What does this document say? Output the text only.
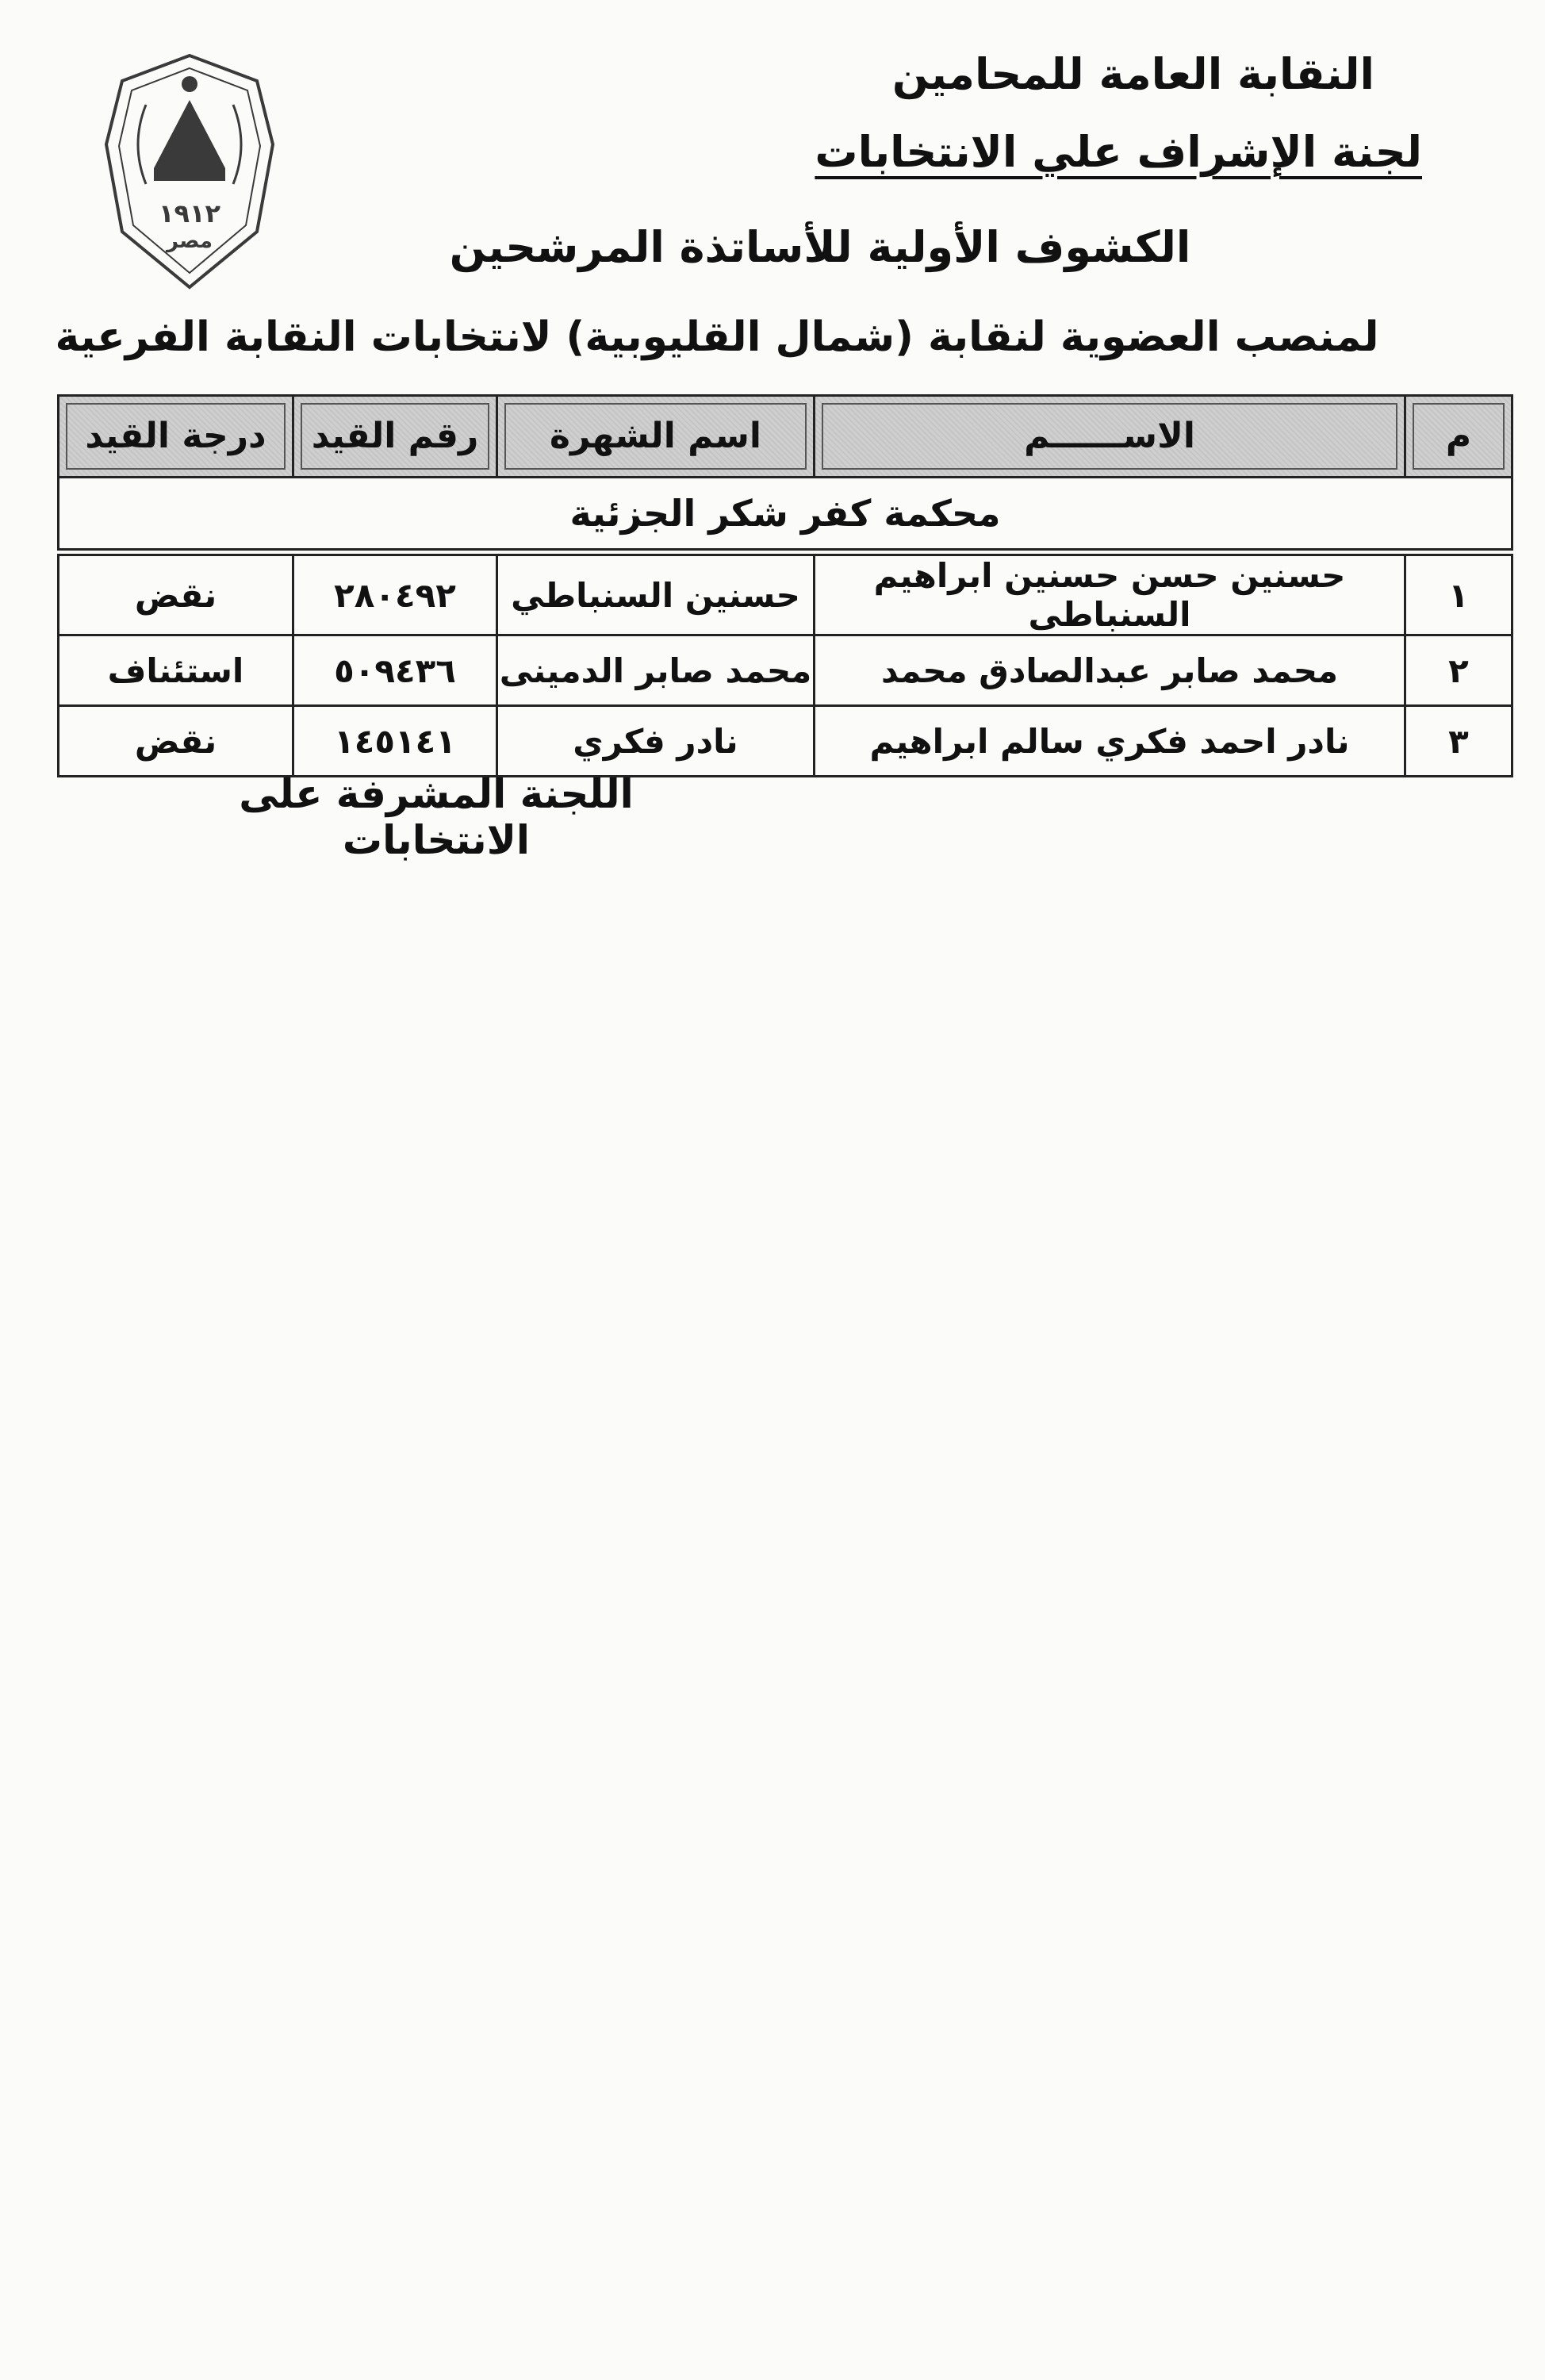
١٩١٢
مصر
النقابة العامة للمحامين
لجنة الإشراف علي الانتخابات
الكشوف الأولية للأساتذة المرشحين
لمنصب العضوية لنقابة (شمال القليوبية) لانتخابات النقابة الفرعية
م	الاســــــم	اسم الشهرة	رقم القيد	درجة القيد

محكمة كفر شكر الجزئية				

١	حسنين حسن حسنين ابراهيم السنباطى	حسنين السنباطي	٢٨٠٤٩٢	نقض
٢	محمد صابر عبدالصادق محمد	محمد صابر الدمينى	٥٠٩٤٣٦	استئناف
٣	نادر احمد فكري سالم ابراهيم	نادر فكري	١٤٥١٤١	نقض
اللجنة المشرفة على الانتخابات
